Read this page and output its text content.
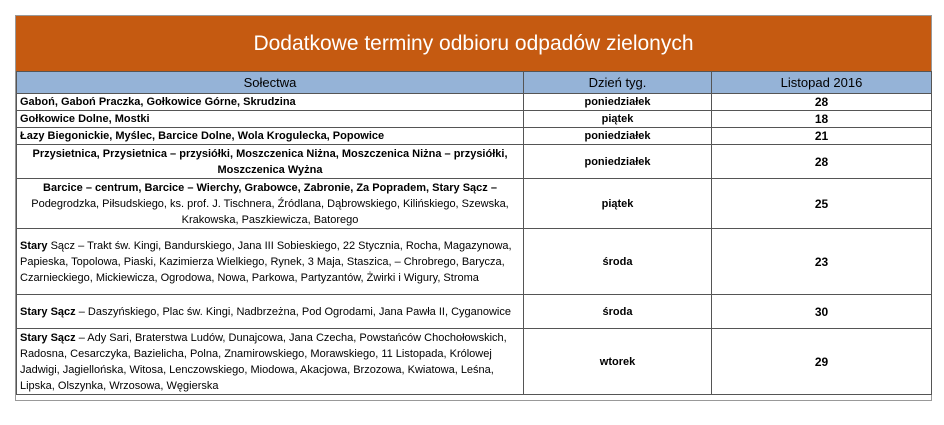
Dodatkowe terminy odbioru odpadów zielonych
Sołectwa	Dzień tyg.	Listopad 2016
Gaboń, Gaboń Praczka, Gołkowice Górne, Skrudzina	poniedziałek	28
Gołkowice Dolne, Mostki	piątek	18
Łazy Biegonickie, Myślec, Barcice Dolne, Wola Krogulecka, Popowice	poniedziałek	21
Przysietnica, Przysietnica – przysiółki, Moszczenica Niżna, Moszczenica Niżna – przysiółki, Moszczenica Wyżna	poniedziałek	28
Barcice – centrum, Barcice – Wierchy, Grabowce, Zabronie, Za Popradem, Stary Sącz – Podegrodzka, Piłsudskiego, ks. prof. J. Tischnera, Źródlana, Dąbrowskiego, Kilińskiego, Szewska, Krakowska, Paszkiewicza, Batorego	piątek	25
Stary Sącz – Trakt św. Kingi, Bandurskiego, Jana III Sobieskiego, 22 Stycznia, Rocha, Magazynowa, Papieska, Topolowa, Piaski, Kazimierza Wielkiego, Rynek, 3 Maja, Staszica, – Chrobrego, Barycza, Czarnieckiego, Mickiewicza, Ogrodowa, Nowa, Parkowa, Partyzantów, Żwirki i Wigury, Stroma	środa	23
Stary Sącz – Daszyńskiego, Plac św. Kingi, Nadbrzeżna, Pod Ogrodami, Jana Pawła II, Cyganowice	środa	30
Stary Sącz – Ady Sari, Braterstwa Ludów, Dunajcowa, Jana Czecha, Powstańców Chochołowskich, Radosna, Cesarczyka, Bazielicha, Polna, Znamirowskiego, Morawskiego, 11 Listopada, Królowej Jadwigi, Jagiellońska, Witosa, Lenczowskiego, Miodowa, Akacjowa, Brzozowa, Kwiatowa, Leśna, Lipska, Olszynka, Wrzosowa, Węgierska	wtorek	29
